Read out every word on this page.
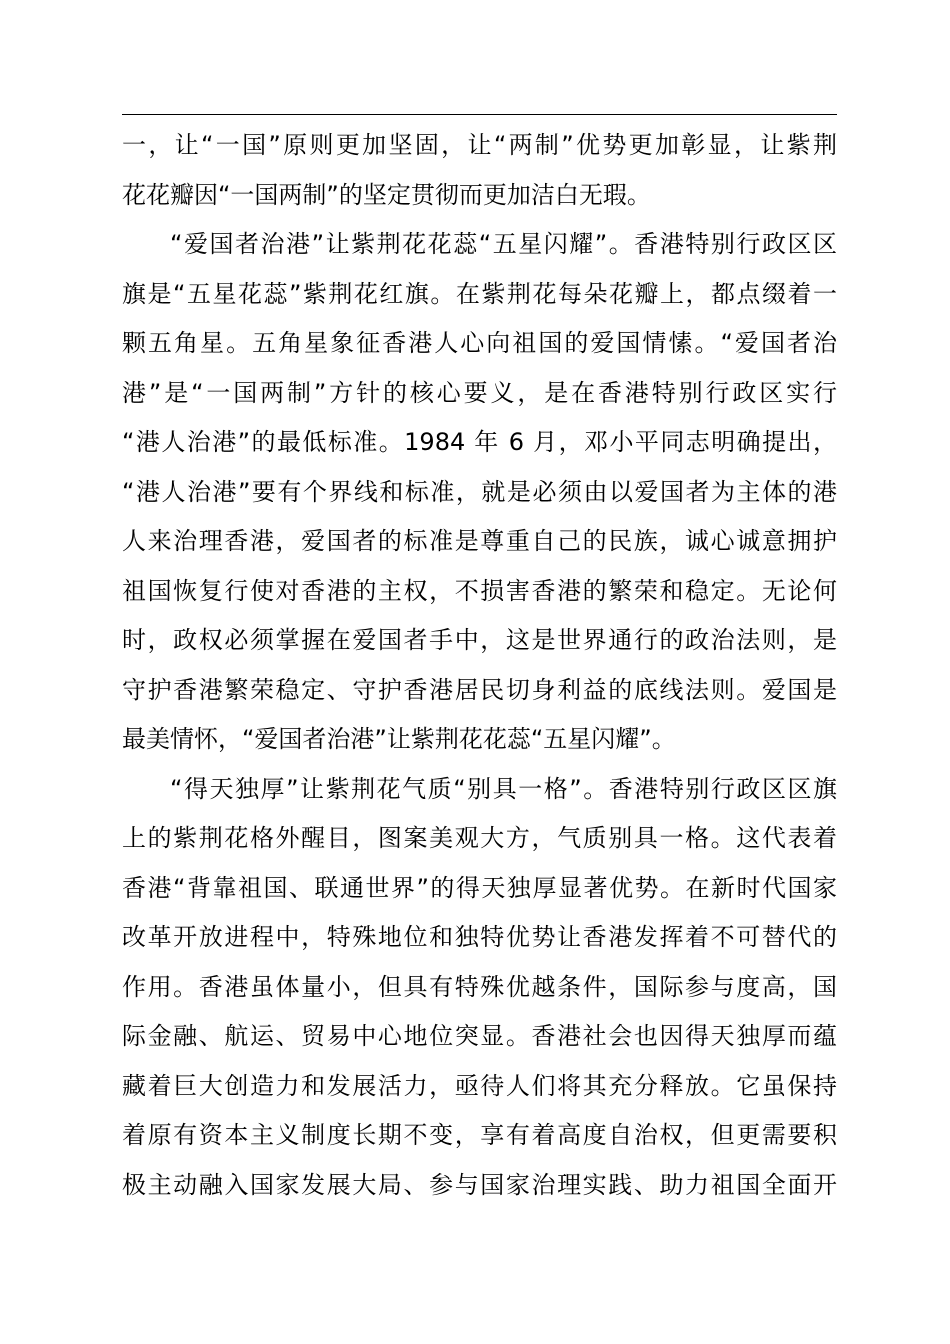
一，让“一国”原则更加坚固，让“两制”优势更加彰显，让紫荆
花花瓣因“一国两制”的坚定贯彻而更加洁白无瑕。
“爱国者治港”让紫荆花花蕊“五星闪耀”。香港特别行政区区
旗是“五星花蕊”紫荆花红旗。在紫荆花每朵花瓣上，都点缀着一
颗五角星。五角星象征香港人心向祖国的爱国情愫。“爱国者治
港”是“一国两制”方针的核心要义，是在香港特别行政区实行
“港人治港”的最低标准。1984 年 6 月，邓小平同志明确提出，
“港人治港”要有个界线和标准，就是必须由以爱国者为主体的港
人来治理香港，爱国者的标准是尊重自己的民族，诚心诚意拥护
祖国恢复行使对香港的主权，不损害香港的繁荣和稳定。无论何
时，政权必须掌握在爱国者手中，这是世界通行的政治法则，是
守护香港繁荣稳定、守护香港居民切身利益的底线法则。爱国是
最美情怀，“爱国者治港”让紫荆花花蕊“五星闪耀”。
“得天独厚”让紫荆花气质“别具一格”。香港特别行政区区旗
上的紫荆花格外醒目，图案美观大方，气质别具一格。这代表着
香港“背靠祖国、联通世界”的得天独厚显著优势。在新时代国家
改革开放进程中，特殊地位和独特优势让香港发挥着不可替代的
作用。香港虽体量小，但具有特殊优越条件，国际参与度高，国
际金融、航运、贸易中心地位突显。香港社会也因得天独厚而蕴
藏着巨大创造力和发展活力，亟待人们将其充分释放。它虽保持
着原有资本主义制度长期不变，享有着高度自治权，但更需要积
极主动融入国家发展大局、参与国家治理实践、助力祖国全面开
